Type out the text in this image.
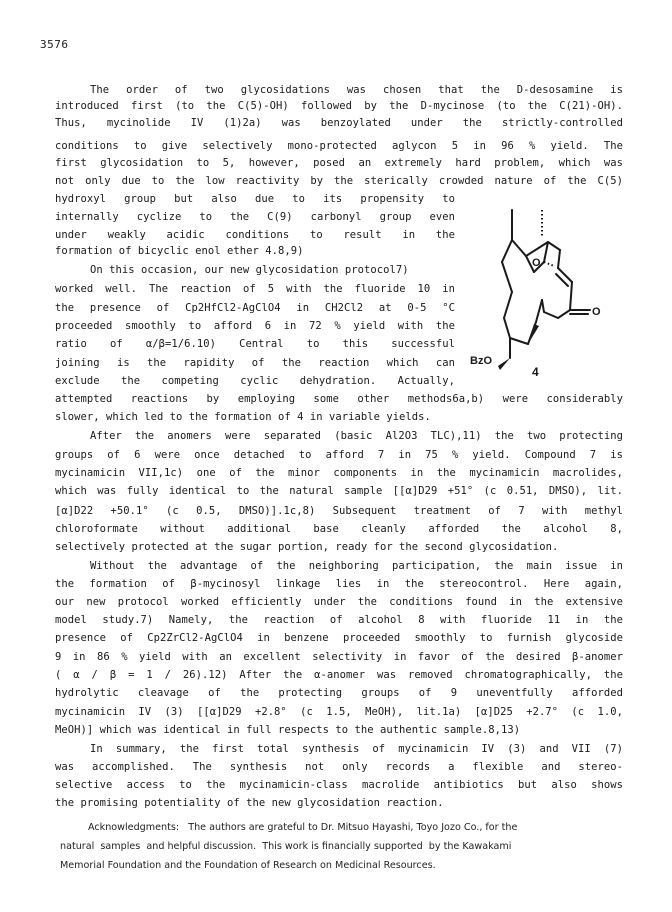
3576
The order of two glycosidations was chosen that the D-desosamine is
introduced first (to the C(5)-OH) followed by the D-mycinose (to the C(21)-OH).
Thus, mycinolide IV (1)2a) was benzoylated under the strictly-controlled
conditions to give selectively mono-protected aglycon 5 in 96 % yield. The
first glycosidation to 5, however, posed an extremely hard problem, which was
not only due to the low reactivity by the sterically crowded nature of the C(5)
hydroxyl group but also due to its propensity to
internally cyclize to the C(9) carbonyl group even
under weakly acidic conditions to result in the
formation of bicyclic enol ether 4.8,9)
On this occasion, our new glycosidation protocol7)
worked well. The reaction of 5 with the fluoride 10 in
the presence of Cp2HfCl2-AgClO4 in CH2Cl2 at 0-5 °C
proceeded smoothly to afford 6 in 72 % yield with the
ratio of α/β=1/6.10) Central to this successful
joining is the rapidity of the reaction which can
exclude the competing cyclic dehydration. Actually,
attempted reactions by employing some other methods6a,b) were considerably
slower, which led to the formation of 4 in variable yields.
After the anomers were separated (basic Al2O3 TLC),11) the two protecting
groups of 6 were once detached to afford 7 in 75 % yield. Compound 7 is
mycinamicin VII,1c) one of the minor components in the mycinamicin macrolides,
which was fully identical to the natural sample [[α]D29 +51° (c 0.51, DMSO), lit.
[α]D22 +50.1° (c 0.5, DMSO)].1c,8) Subsequent treatment of 7 with methyl
chloroformate without additional base cleanly afforded the alcohol 8,
selectively protected at the sugar portion, ready for the second glycosidation.
Without the advantage of the neighboring participation, the main issue in
the formation of β-mycinosyl linkage lies in the stereocontrol. Here again,
our new protocol worked efficiently under the conditions found in the extensive
model study.7) Namely, the reaction of alcohol 8 with fluoride 11 in the
presence of Cp2ZrCl2-AgClO4 in benzene proceeded smoothly to furnish glycoside
9 in 86 % yield with an excellent selectivity in favor of the desired β-anomer
( α / β = 1 / 26).12) After the α-anomer was removed chromatographically, the
hydrolytic cleavage of the protecting groups of 9 uneventfully afforded
mycinamicin IV (3) [[α]D29 +2.8° (c 1.5, MeOH), lit.1a) [α]D25 +2.7° (c 1.0,
MeOH)] which was identical in full respects to the authentic sample.8,13)
In summary, the first total synthesis of mycinamicin IV (3) and VII (7)
was accomplished. The synthesis not only records a flexible and stereo-
selective access to the mycinamicin-class macrolide antibiotics but also shows
the promising potentiality of the new glycosidation reaction.
Acknowledgments:   The authors are grateful to Dr. Mitsuo Hayashi, Toyo Jozo Co., for the
natural  samples  and helpful discussion.  This work is financially supported  by the Kawakami
Memorial Foundation and the Foundation of Research on Medicinal Resources.
O
O
BzO
4
